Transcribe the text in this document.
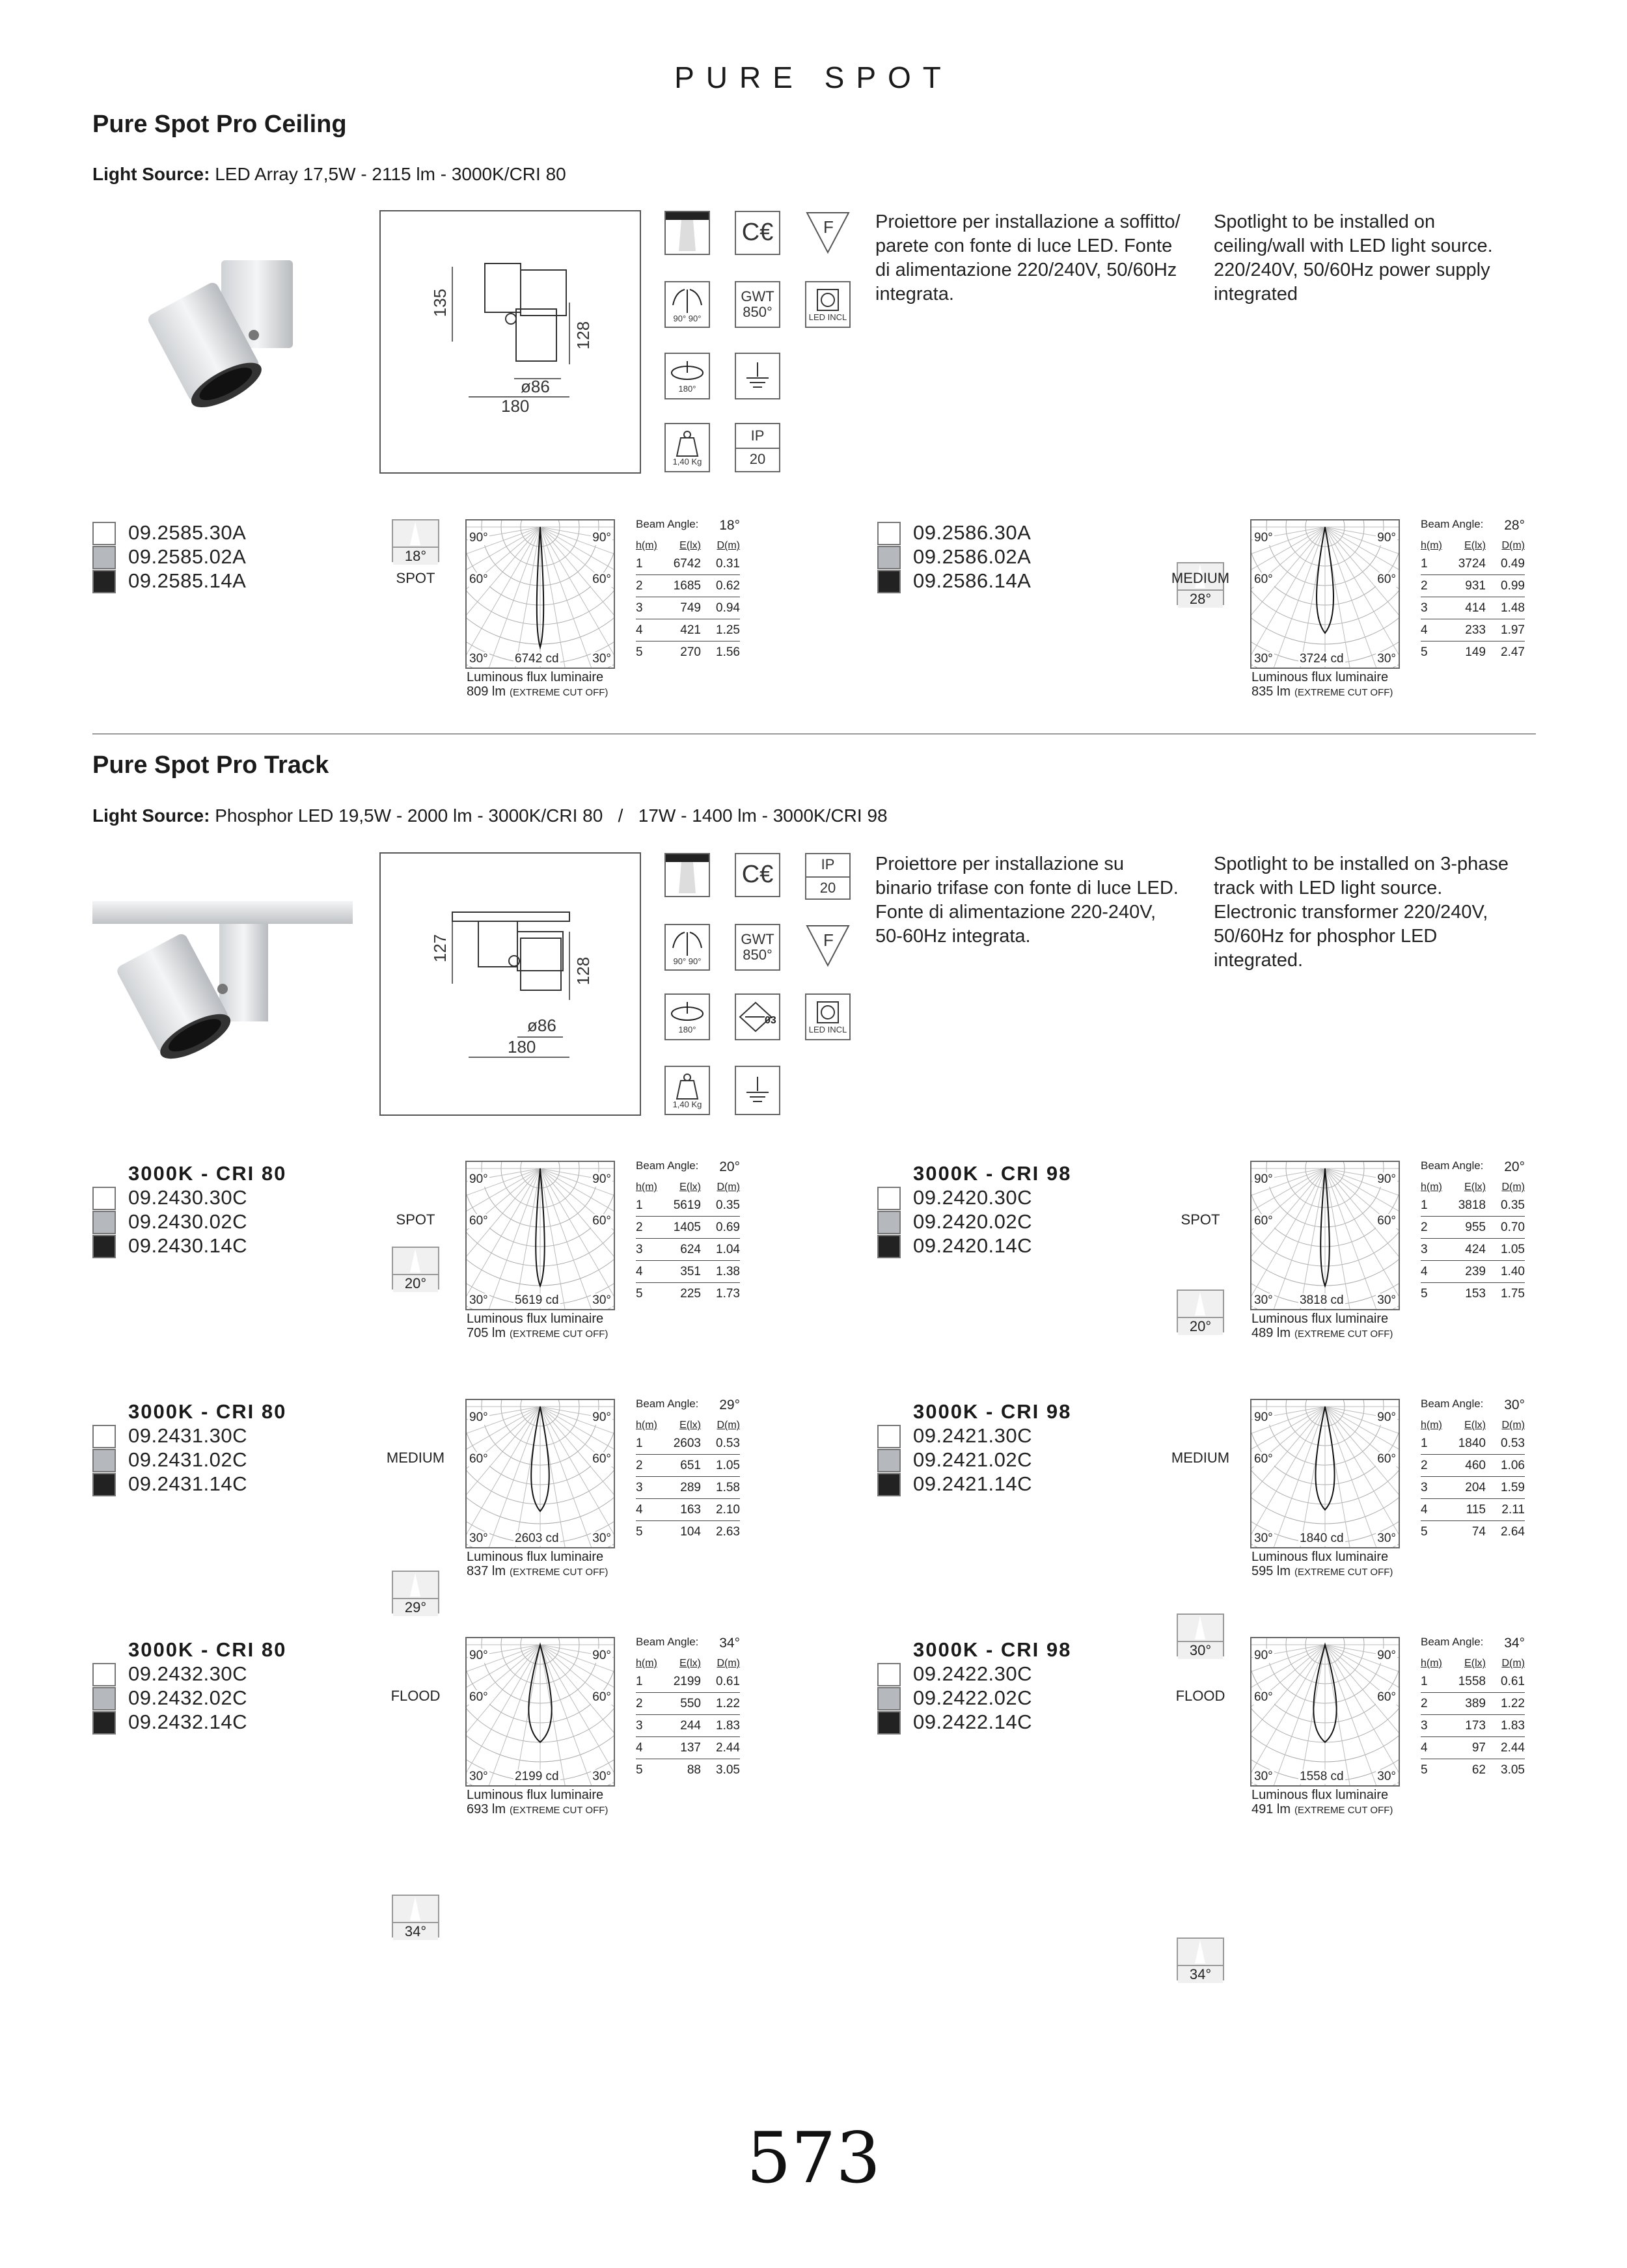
PURE SPOT
Pure Spot Pro Ceiling
Light Source: LED Array 17,5W - 2115 lm - 3000K/CRI 80
135
128
ø86
180
C€	F
90° 90°
GWT
850°	LED INCL
180°
1,40 Kg
IP
20
Proiettore per installazione a soffitto/
parete con fonte di luce LED. Fonte
di alimentazione 220/240V, 50/60Hz
integrata.
Spotlight to be installed on
ceiling/wall with LED light source.
220/240V, 50/60Hz power supply
integrated
09.2585.30A
09.2585.02A
09.2585.14A
18°
SPOT
90°	90°
60°	60°
30°	30°
6742 cd
Luminous flux luminaire
809 lm (EXTREME CUT OFF)
Beam Angle: 18°
h(m)	E(lx)	D(m)
1	6742	0.31
2	1685	0.62
3	749	0.94
4	421	1.25
5	270	1.56
09.2586.30A
09.2586.02A
09.2586.14A
28°
MEDIUM
90°	90°
60°	60°
30°	30°
3724 cd
Luminous flux luminaire
835 lm (EXTREME CUT OFF)
Beam Angle: 28°
h(m)	E(lx)	D(m)
1	3724	0.49
2	931	0.99
3	414	1.48
4	233	1.97
5	149	2.47
3000K - CRI 80
09.2430.30C
09.2430.02C
09.2430.14C
20°
SPOT
90°	90°
60°	60°
30°	30°
5619 cd
Luminous flux luminaire
705 lm (EXTREME CUT OFF)
Beam Angle: 20°
h(m)	E(lx)	D(m)
1	5619	0.35
2	1405	0.69
3	624	1.04
4	351	1.38
5	225	1.73
3000K - CRI 98
09.2420.30C
09.2420.02C
09.2420.14C
20°
SPOT
90°	90°
60°	60°
30°	30°
3818 cd
Luminous flux luminaire
489 lm (EXTREME CUT OFF)
Beam Angle: 20°
h(m)	E(lx)	D(m)
1	3818	0.35
2	955	0.70
3	424	1.05
4	239	1.40
5	153	1.75
3000K - CRI 80
09.2431.30C
09.2431.02C
09.2431.14C
29°
MEDIUM
90°	90°
60°	60°
30°	30°
2603 cd
Luminous flux luminaire
837 lm (EXTREME CUT OFF)
Beam Angle: 29°
h(m)	E(lx)	D(m)
1	2603	0.53
2	651	1.05
3	289	1.58
4	163	2.10
5	104	2.63
3000K - CRI 98
09.2421.30C
09.2421.02C
09.2421.14C
30°
MEDIUM
90°	90°
60°	60°
30°	30°
1840 cd
Luminous flux luminaire
595 lm (EXTREME CUT OFF)
Beam Angle: 30°
h(m)	E(lx)	D(m)
1	1840	0.53
2	460	1.06
3	204	1.59
4	115	2.11
5	74	2.64
3000K - CRI 80
09.2432.30C
09.2432.02C
09.2432.14C
34°
FLOOD
90°	90°
60°	60°
30°	30°
2199 cd
Luminous flux luminaire
693 lm (EXTREME CUT OFF)
Beam Angle: 34°
h(m)	E(lx)	D(m)
1	2199	0.61
2	550	1.22
3	244	1.83
4	137	2.44
5	88	3.05
3000K - CRI 98
09.2422.30C
09.2422.02C
09.2422.14C
34°
FLOOD
90°	90°
60°	60°
30°	30°
1558 cd
Luminous flux luminaire
491 lm (EXTREME CUT OFF)
Beam Angle: 34°
h(m)	E(lx)	D(m)
1	1558	0.61
2	389	1.22
3	173	1.83
4	97	2.44
5	62	3.05
Pure Spot Pro Track
Light Source: Phosphor LED 19,5W - 2000 lm - 3000K/CRI 80   /   17W - 1400 lm - 3000K/CRI 98
127
128
ø86
180
C€	IP
20
90° 90°
GWT
850°
F
180°
03
LED INCL
1,40 Kg
Proiettore per installazione su
binario trifase con fonte di luce LED.
Fonte di alimentazione 220-240V,
50-60Hz integrata.
Spotlight to be installed on 3-phase
track with LED light source.
Electronic transformer 220/240V,
50/60Hz for phosphor LED
integrated.
573
